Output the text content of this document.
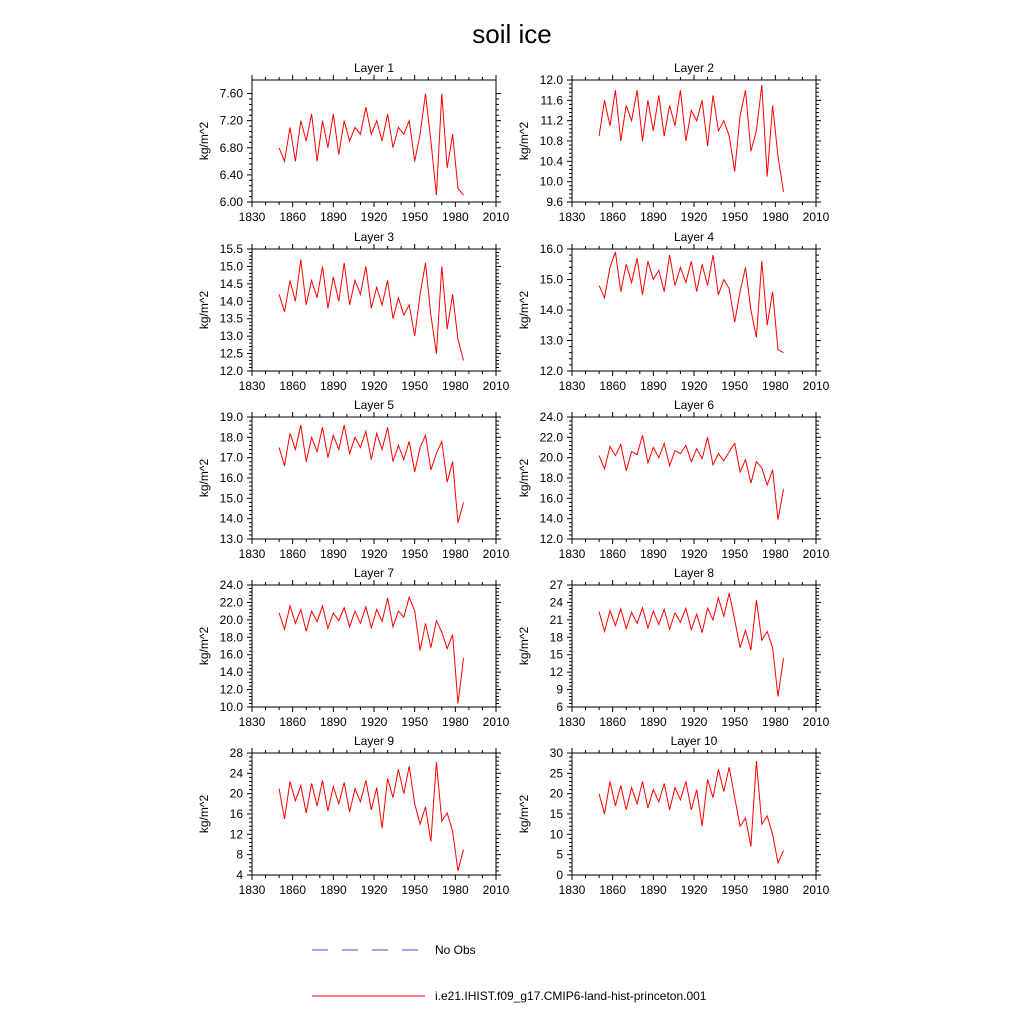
soil ice
Layer 1
1830 1860 1890 1920 1950 1980 2010
6.00
6.40
6.80
7.20
7.60
kg/m^2
Layer 2
1830 1860 1890 1920 1950 1980 2010
9.6
10.0
10.4
10.8
11.2
11.6
12.0
kg/m^2
Layer 3
1830 1860 1890 1920 1950 1980 2010
12.0
12.5
13.0
13.5
14.0
14.5
15.0
15.5
kg/m^2
Layer 4
1830 1860 1890 1920 1950 1980 2010
12.0
13.0
14.0
15.0
16.0
kg/m^2
Layer 5
1830 1860 1890 1920 1950 1980 2010
13.0
14.0
15.0
16.0
17.0
18.0
19.0
kg/m^2
Layer 6
1830 1860 1890 1920 1950 1980 2010
12.0
14.0
16.0
18.0
20.0
22.0
24.0
kg/m^2
Layer 7
1830 1860 1890 1920 1950 1980 2010
10.0
12.0
14.0
16.0
18.0
20.0
22.0
24.0
kg/m^2
Layer 8
1830 1860 1890 1920 1950 1980 2010
6
9
12
15
18
21
24
27
kg/m^2
Layer 9
1830 1860 1890 1920 1950 1980 2010
4
8
12
16
20
24
28
kg/m^2
Layer 10
1830 1860 1890 1920 1950 1980 2010
0
5
10
15
20
25
30
kg/m^2
No Obs
i.e21.IHIST.f09_g17.CMIP6-land-hist-princeton.001
